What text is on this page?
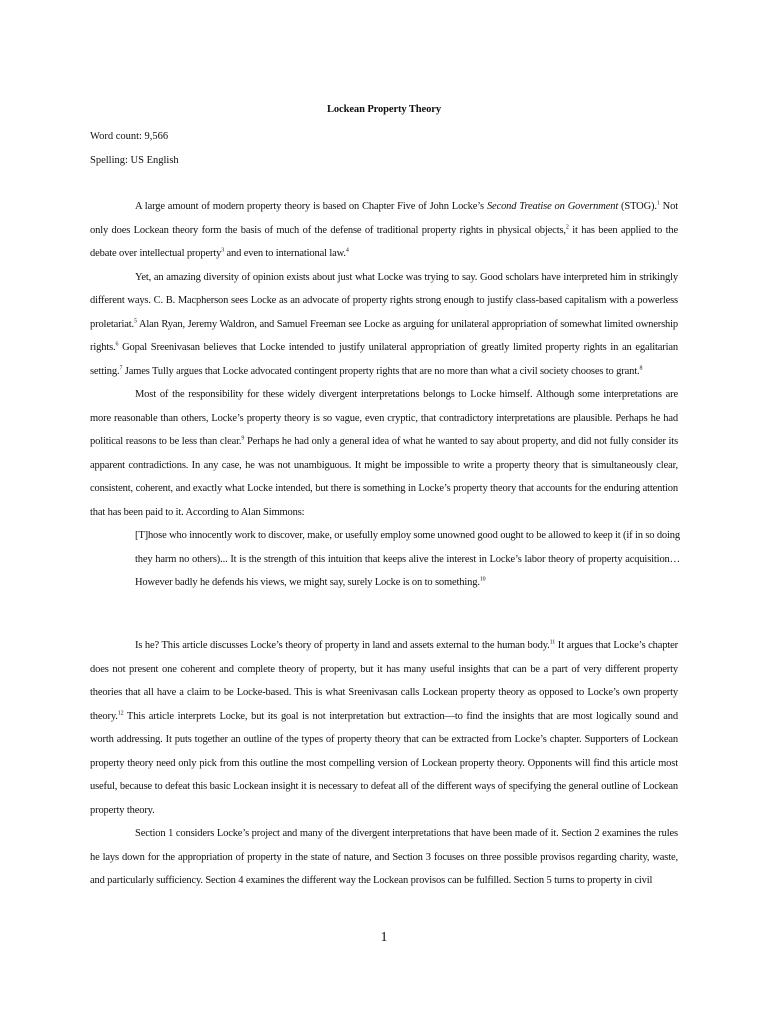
Lockean Property Theory
Word count: 9,566
Spelling: US English

A large amount of modern property theory is based on Chapter Five of John Locke’s Second Treatise on Government (STOG).$^1$ Not only does Lockean theory form the basis of much of the defense of traditional property rights in physical objects,$^2$ it has been applied to the debate over intellectual property$^3$ and even to international law.$^4$

Yet, an amazing diversity of opinion exists about just what Locke was trying to say. Good scholars have interpreted him in strikingly different ways. C. B. Macpherson sees Locke as an advocate of property rights strong enough to justify class-based capitalism with a powerless proletariat.$^5$ Alan Ryan, Jeremy Waldron, and Samuel Freeman see Locke as arguing for unilateral appropriation of somewhat limited ownership rights.$^6$ Gopal Sreenivasan believes that Locke intended to justify unilateral appropriation of greatly limited property rights in an egalitarian setting.$^7$ James Tully argues that Locke advocated contingent property rights that are no more than what a civil society chooses to grant.$^8$

Most of the responsibility for these widely divergent interpretations belongs to Locke himself. Although some interpretations are more reasonable than others, Locke’s property theory is so vague, even cryptic, that contradictory interpretations are plausible. Perhaps he had political reasons to be less than clear.$^9$ Perhaps he had only a general idea of what he wanted to say about property, and did not fully consider its apparent contradictions. In any case, he was not unambiguous. It might be impossible to write a property theory that is simultaneously clear, consistent, coherent, and exactly what Locke intended, but there is something in Locke’s property theory that accounts for the enduring attention that has been paid to it. According to Alan Simmons:

[T]hose who innocently work to discover, make, or usefully employ some unowned good ought to be allowed to keep it (if in so doing they harm no others)... It is the strength of this intuition that keeps alive the interest in Locke’s labor theory of property acquisition… However badly he defends his views, we might say, surely Locke is on to something.$^{10}$

Is he? This article discusses Locke’s theory of property in land and assets external to the human body.$^{11}$ It argues that Locke’s chapter does not present one coherent and complete theory of property, but it has many useful insights that can be a part of very different property theories that all have a claim to be Locke-based. This is what Sreenivasan calls Lockean property theory as opposed to Locke’s own property theory.$^{12}$ This article interprets Locke, but its goal is not interpretation but extraction—to find the insights that are most logically sound and worth addressing. It puts together an outline of the types of property theory that can be extracted from Locke’s chapter. Supporters of Lockean property theory need only pick from this outline the most compelling version of Lockean property theory. Opponents will find this article most useful, because to defeat this basic Lockean insight it is necessary to defeat all of the different ways of specifying the general outline of Lockean property theory.

Section 1 considers Locke’s project and many of the divergent interpretations that have been made of it. Section 2 examines the rules he lays down for the appropriation of property in the state of nature, and Section 3 focuses on three possible provisos regarding charity, waste, and particularly sufficiency. Section 4 examines the different way the Lockean provisos can be fulfilled. Section 5 turns to property in civil

1
